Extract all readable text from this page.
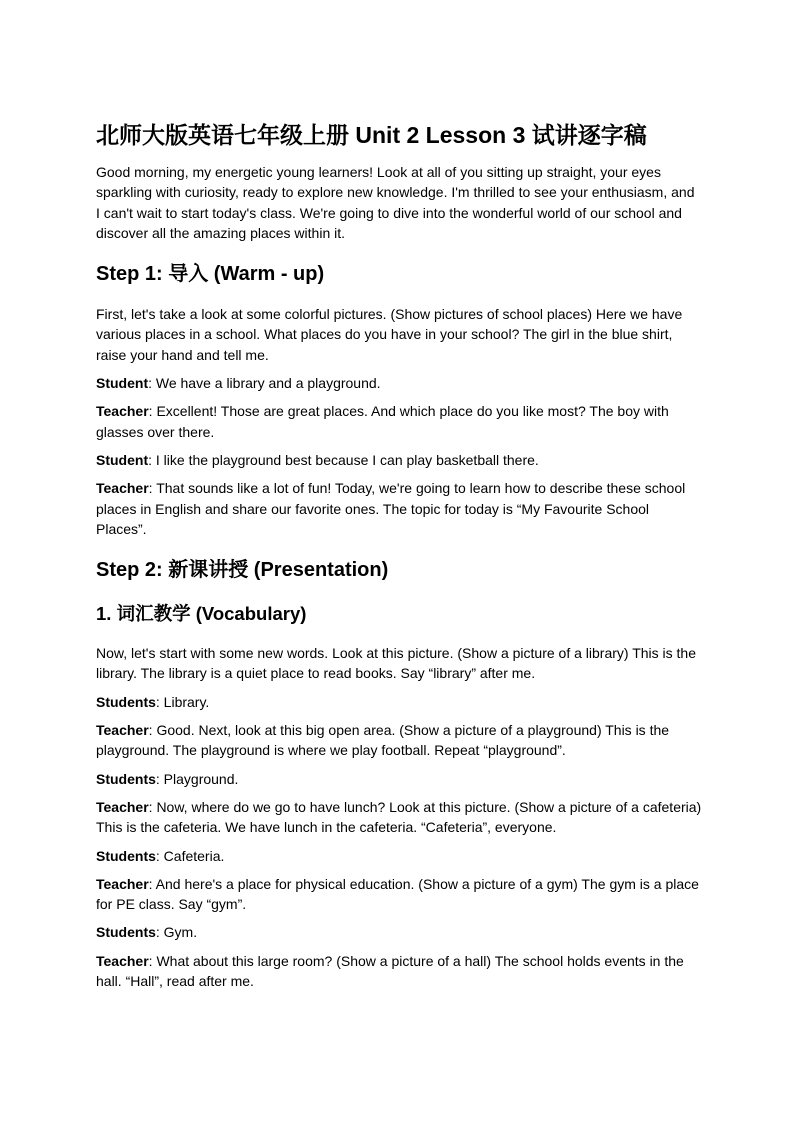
北师大版英语七年级上册 Unit 2 Lesson 3 试讲逐字稿

Good morning, my energetic young learners! Look at all of you sitting up straight, your eyes sparkling with curiosity, ready to explore new knowledge. I'm thrilled to see your enthusiasm, and I can't wait to start today's class. We're going to dive into the wonderful world of our school and discover all the amazing places within it.

Step 1: 导入 (Warm - up)

First, let's take a look at some colorful pictures. (Show pictures of school places) Here we have various places in a school. What places do you have in your school? The girl in the blue shirt, raise your hand and tell me.

Student: We have a library and a playground.

Teacher: Excellent! Those are great places. And which place do you like most? The boy with glasses over there.

Student: I like the playground best because I can play basketball there.

Teacher: That sounds like a lot of fun! Today, we're going to learn how to describe these school places in English and share our favorite ones. The topic for today is “My Favourite School Places”.

Step 2: 新课讲授 (Presentation)
1. 词汇教学 (Vocabulary)

Now, let's start with some new words. Look at this picture. (Show a picture of a library) This is the library. The library is a quiet place to read books. Say “library” after me.

Students: Library.

Teacher: Good. Next, look at this big open area. (Show a picture of a playground) This is the playground. The playground is where we play football. Repeat “playground”.

Students: Playground.

Teacher: Now, where do we go to have lunch? Look at this picture. (Show a picture of a cafeteria) This is the cafeteria. We have lunch in the cafeteria. “Cafeteria”, everyone.

Students: Cafeteria.

Teacher: And here's a place for physical education. (Show a picture of a gym) The gym is a place for PE class. Say “gym”.

Students: Gym.

Teacher: What about this large room? (Show a picture of a hall) The school holds events in the hall. “Hall”, read after me.
